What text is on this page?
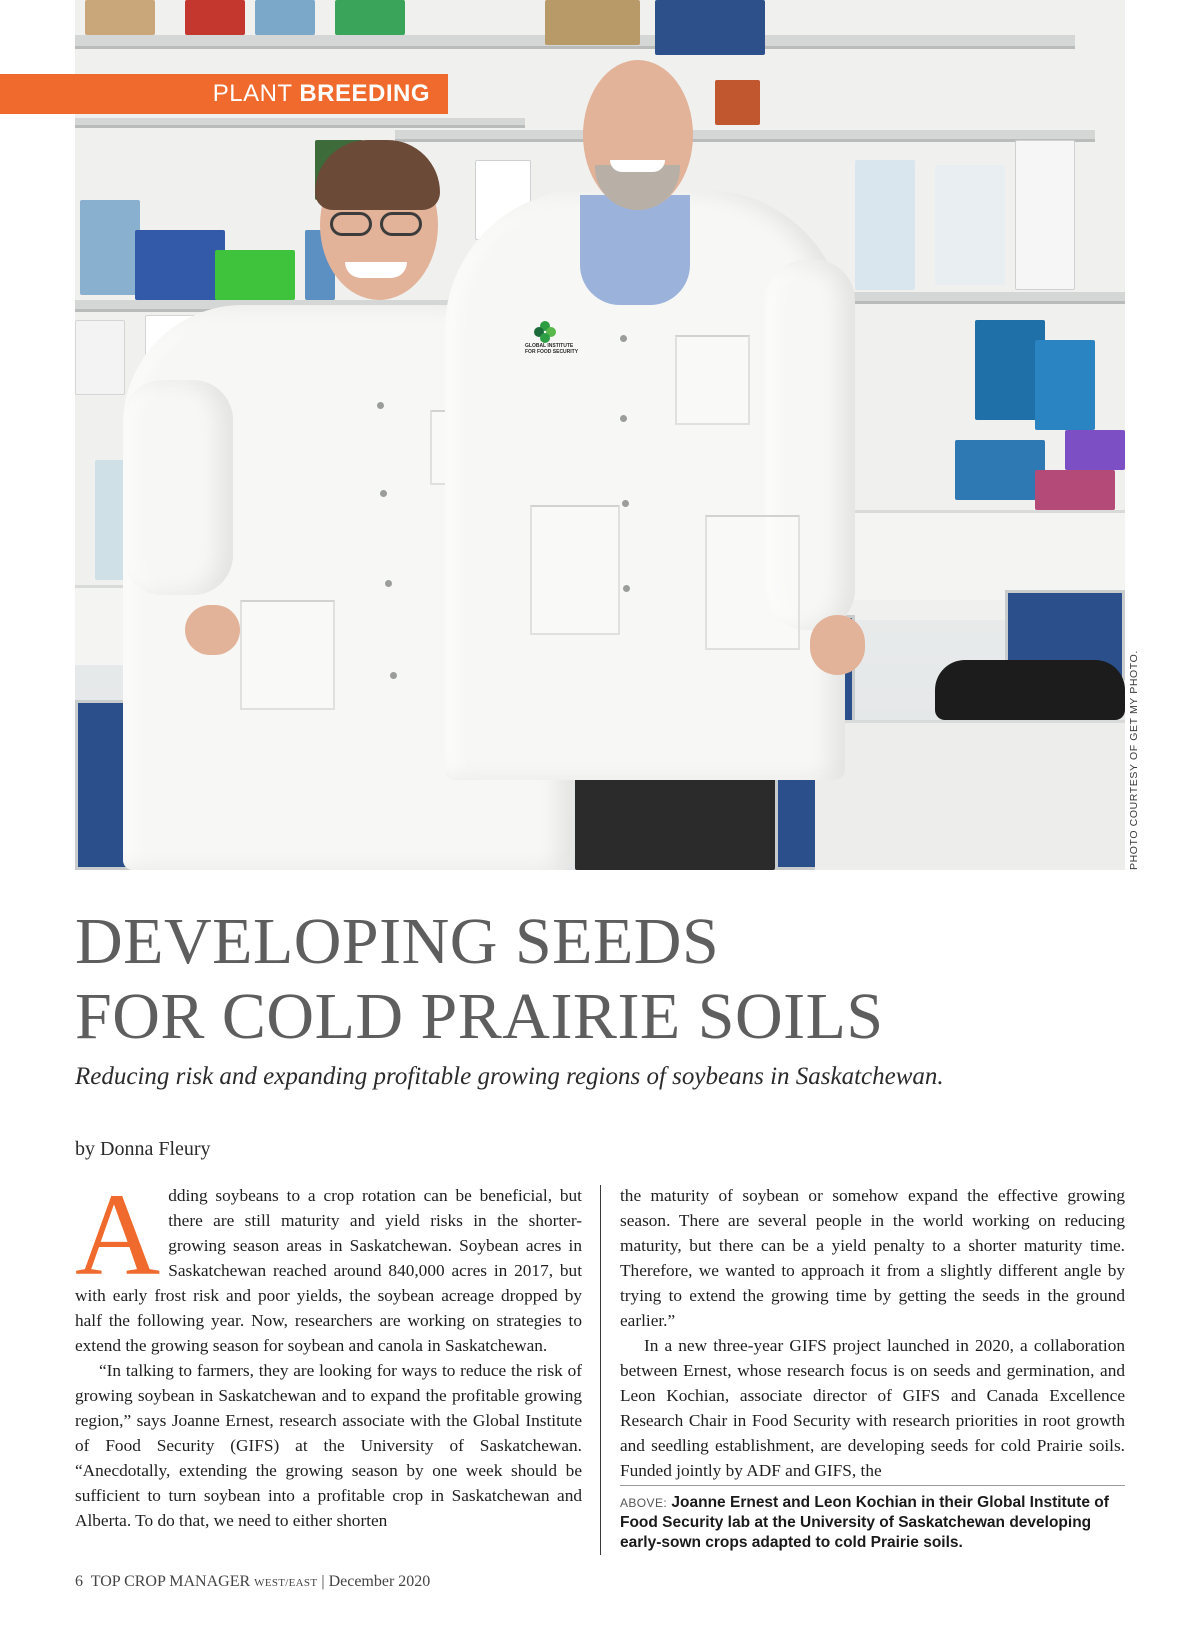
GLOBAL INSTITUTE
FOR FOOD SECURITY
PLANT BREEDING
PHOTO COURTESY OF GET MY PHOTO.
DEVELOPING SEEDS
FOR COLD PRAIRIE SOILS
Reducing risk and expanding profitable growing regions of soybeans in Saskatchewan.
by Donna Fleury

Adding soybeans to a crop rotation can be beneficial, but there are still maturity and yield risks in the shorter-growing season areas in Saskatchewan. Soybean acres in Saskatchewan reached around 840,000 acres in 2017, but with early frost risk and poor yields, the soybean acreage dropped by half the following year. Now, researchers are working on strategies to extend the growing season for soybean and canola in Saskatchewan.

“In talking to farmers, they are looking for ways to reduce the risk of growing soybean in Saskatchewan and to expand the profitable growing region,” says Joanne Ernest, research associate with the Global Institute of Food Security (GIFS) at the University of Saskatchewan. “Anecdotally, extending the growing season by one week should be sufficient to turn soybean into a profitable crop in Saskatchewan and Alberta. To do that, we need to either shorten

the maturity of soybean or somehow expand the effective growing season. There are several people in the world working on reducing maturity, but there can be a yield penalty to a shorter maturity time. Therefore, we wanted to approach it from a slightly different angle by trying to extend the growing time by getting the seeds in the ground earlier.”

In a new three-year GIFS project launched in 2020, a collaboration between Ernest, whose research focus is on seeds and germination, and Leon Kochian, associate director of GIFS and Canada Excellence Research Chair in Food Security with research priorities in root growth and seedling establishment, are developing seeds for cold Prairie soils. Funded jointly by ADF and GIFS, the

ABOVE: Joanne Ernest and Leon Kochian in their Global Institute of Food Security lab at the University of Saskatchewan developing early-sown crops adapted to cold Prairie soils.
6 TOP CROP MANAGER WEST/EAST | December 2020
